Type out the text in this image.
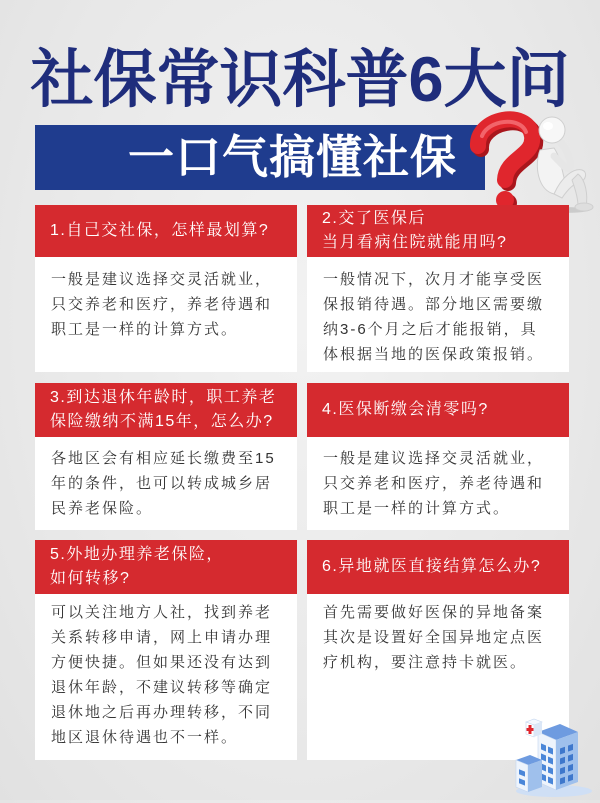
社保常识科普6大问
一口气搞懂社保
1.自己交社保，怎样最划算?
一般是建议选择交灵活就业，
只交养老和医疗，养老待遇和
职工是一样的计算方式。
2.交了医保后
当月看病住院就能用吗?
一般情况下，次月才能享受医
保报销待遇。部分地区需要缴
纳3-6个月之后才能报销，具
体根据当地的医保政策报销。
3.到达退休年龄时，职工养老
保险缴纳不满15年，怎么办?
各地区会有相应延长缴费至15
年的条件，也可以转成城乡居
民养老保险。
4.医保断缴会清零吗?
一般是建议选择交灵活就业，
只交养老和医疗，养老待遇和
职工是一样的计算方式。
5.外地办理养老保险，
如何转移?
可以关注地方人社，找到养老
关系转移申请，网上申请办理
方便快捷。但如果还没有达到
退休年龄，不建议转移等确定
退休地之后再办理转移，不同
地区退休待遇也不一样。
6.异地就医直接结算怎么办?
首先需要做好医保的异地备案
其次是设置好全国异地定点医
疗机构，要注意持卡就医。
